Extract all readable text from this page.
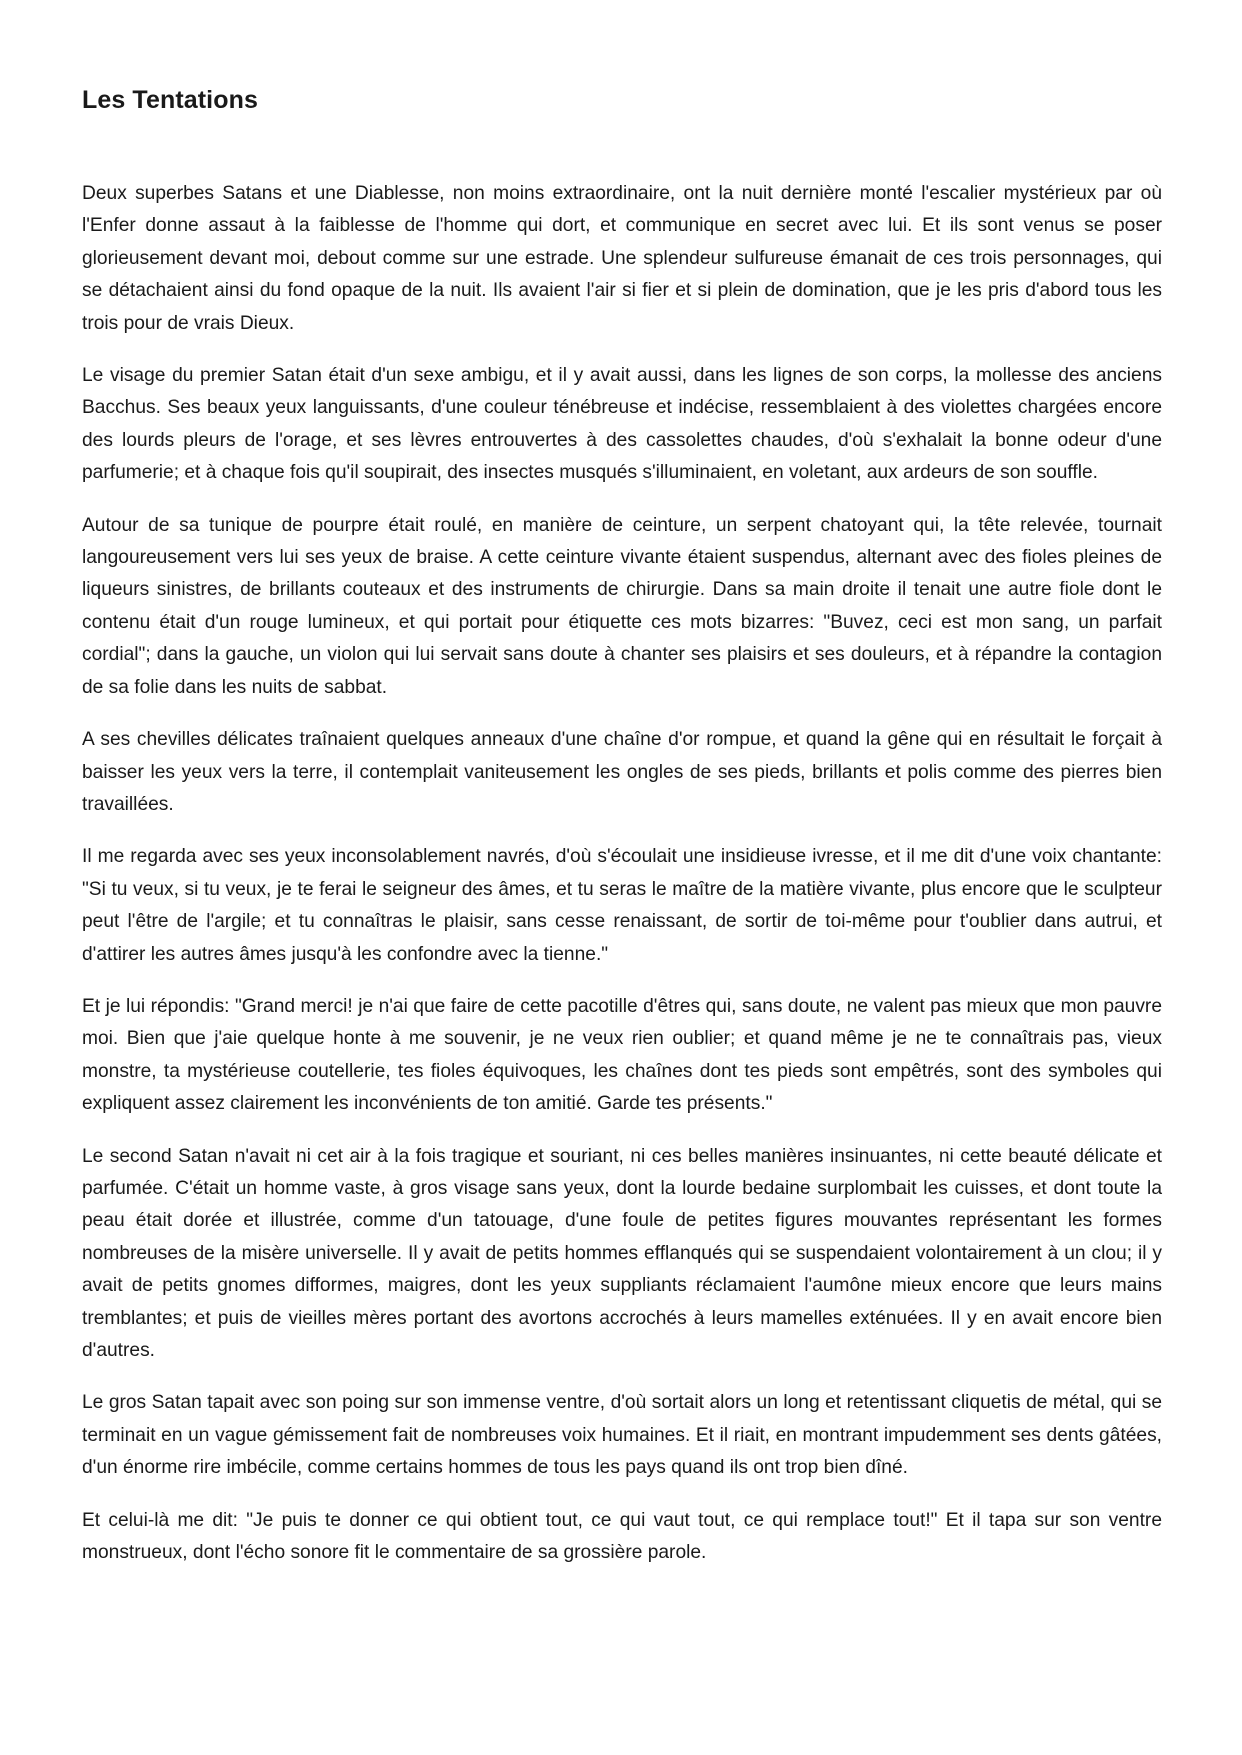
Les Tentations

Deux superbes Satans et une Diablesse, non moins extraordinaire, ont la nuit dernière monté l'escalier mystérieux par où l'Enfer donne assaut à la faiblesse de l'homme qui dort, et communique en secret avec lui. Et ils sont venus se poser glorieusement devant moi, debout comme sur une estrade. Une splendeur sulfureuse émanait de ces trois personnages, qui se détachaient ainsi du fond opaque de la nuit. Ils avaient l'air si fier et si plein de domination, que je les pris d'abord tous les trois pour de vrais Dieux.

Le visage du premier Satan était d'un sexe ambigu, et il y avait aussi, dans les lignes de son corps, la mollesse des anciens Bacchus. Ses beaux yeux languissants, d'une couleur ténébreuse et indécise, ressemblaient à des violettes chargées encore des lourds pleurs de l'orage, et ses lèvres entrouvertes à des cassolettes chaudes, d'où s'exhalait la bonne odeur d'une parfumerie; et à chaque fois qu'il soupirait, des insectes musqués s'illuminaient, en voletant, aux ardeurs de son souffle.

Autour de sa tunique de pourpre était roulé, en manière de ceinture, un serpent chatoyant qui, la tête relevée, tournait langoureusement vers lui ses yeux de braise. A cette ceinture vivante étaient suspendus, alternant avec des fioles pleines de liqueurs sinistres, de brillants couteaux et des instruments de chirurgie. Dans sa main droite il tenait une autre fiole dont le contenu était d'un rouge lumineux, et qui portait pour étiquette ces mots bizarres: "Buvez, ceci est mon sang, un parfait cordial"; dans la gauche, un violon qui lui servait sans doute à chanter ses plaisirs et ses douleurs, et à répandre la contagion de sa folie dans les nuits de sabbat.

A ses chevilles délicates traînaient quelques anneaux d'une chaîne d'or rompue, et quand la gêne qui en résultait le forçait à baisser les yeux vers la terre, il contemplait vaniteusement les ongles de ses pieds, brillants et polis comme des pierres bien travaillées.

Il me regarda avec ses yeux inconsolablement navrés, d'où s'écoulait une insidieuse ivresse, et il me dit d'une voix chantante: "Si tu veux, si tu veux, je te ferai le seigneur des âmes, et tu seras le maître de la matière vivante, plus encore que le sculpteur peut l'être de l'argile; et tu connaîtras le plaisir, sans cesse renaissant, de sortir de toi-même pour t'oublier dans autrui, et d'attirer les autres âmes jusqu'à les confondre avec la tienne."

Et je lui répondis: "Grand merci! je n'ai que faire de cette pacotille d'êtres qui, sans doute, ne valent pas mieux que mon pauvre moi. Bien que j'aie quelque honte à me souvenir, je ne veux rien oublier; et quand même je ne te connaîtrais pas, vieux monstre, ta mystérieuse coutellerie, tes fioles équivoques, les chaînes dont tes pieds sont empêtrés, sont des symboles qui expliquent assez clairement les inconvénients de ton amitié. Garde tes présents."

Le second Satan n'avait ni cet air à la fois tragique et souriant, ni ces belles manières insinuantes, ni cette beauté délicate et parfumée. C'était un homme vaste, à gros visage sans yeux, dont la lourde bedaine surplombait les cuisses, et dont toute la peau était dorée et illustrée, comme d'un tatouage, d'une foule de petites figures mouvantes représentant les formes nombreuses de la misère universelle. Il y avait de petits hommes efflanqués qui se suspendaient volontairement à un clou; il y avait de petits gnomes difformes, maigres, dont les yeux suppliants réclamaient l'aumône mieux encore que leurs mains tremblantes; et puis de vieilles mères portant des avortons accrochés à leurs mamelles exténuées. Il y en avait encore bien d'autres.

Le gros Satan tapait avec son poing sur son immense ventre, d'où sortait alors un long et retentissant cliquetis de métal, qui se terminait en un vague gémissement fait de nombreuses voix humaines. Et il riait, en montrant impudemment ses dents gâtées, d'un énorme rire imbécile, comme certains hommes de tous les pays quand ils ont trop bien dîné.

Et celui-là me dit: "Je puis te donner ce qui obtient tout, ce qui vaut tout, ce qui remplace tout!" Et il tapa sur son ventre monstrueux, dont l'écho sonore fit le commentaire de sa grossière parole.
